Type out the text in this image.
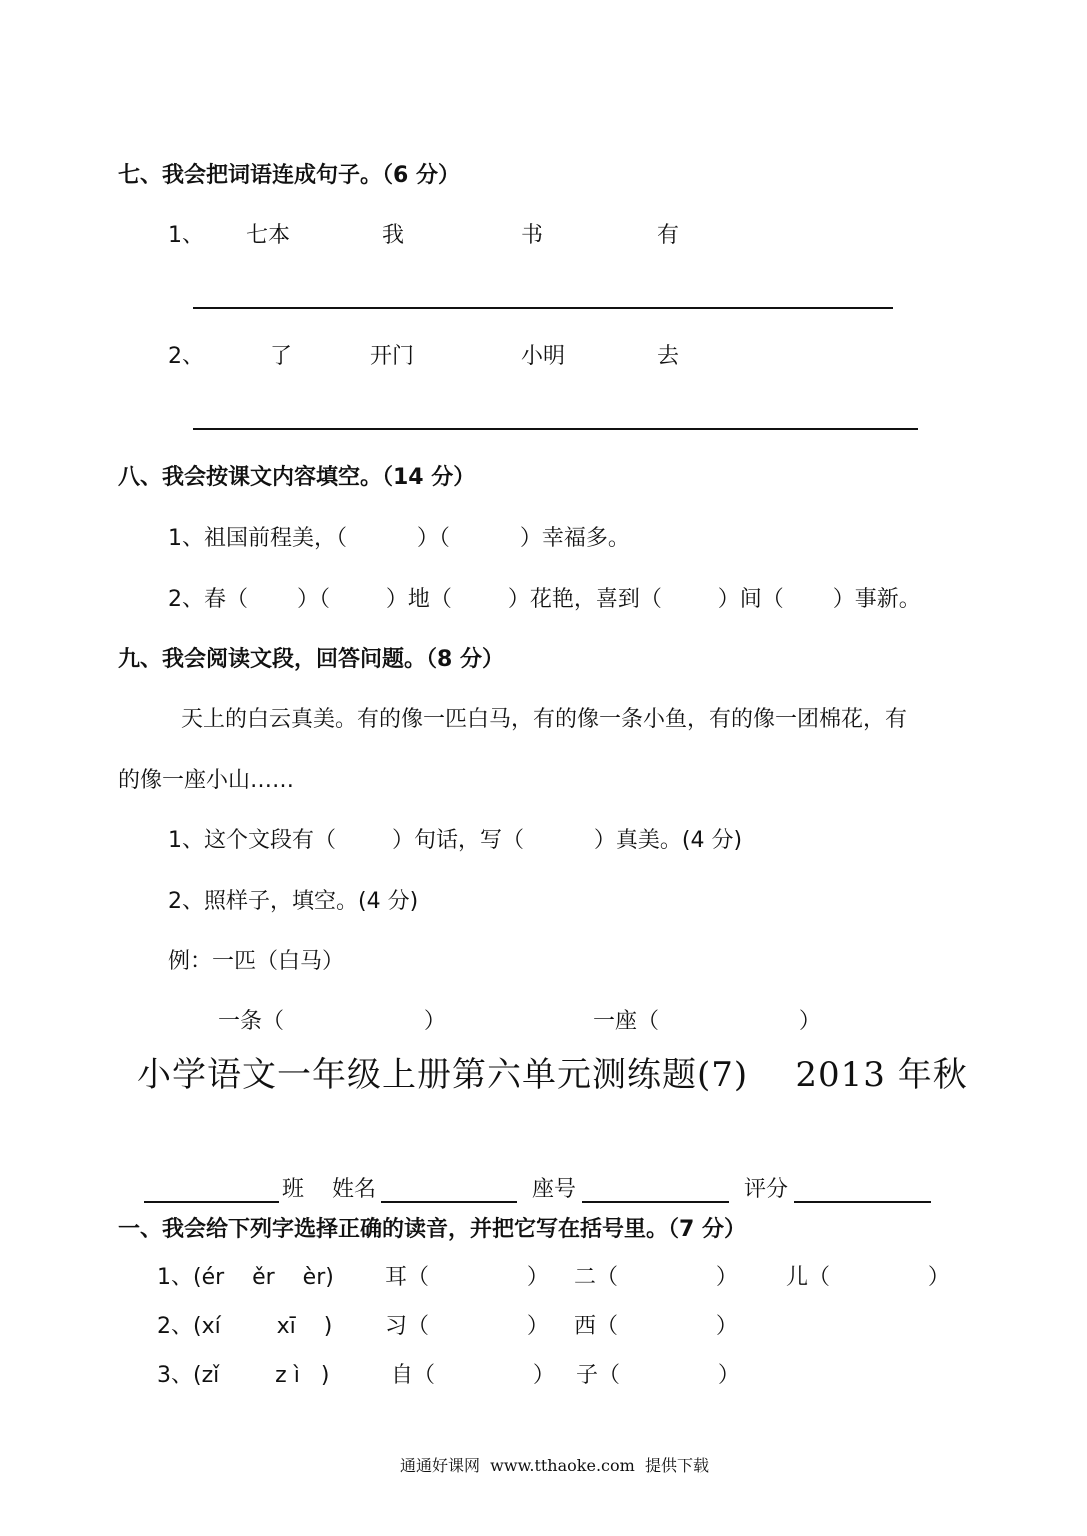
七、我会把词语连成句子。（6 分）
1、 七本	我	书	有
2、	了	开门	小明	去
八、我会按课文内容填空。（14 分）
1、祖国前程美，（          ）（          ）幸福多。
2、春（       ）（        ）地（        ）花艳，喜到（        ）间（       ）事新。
九、我会阅读文段，回答问题。（8 分）
天上的白云真美。有的像一匹白马，有的像一条小鱼，有的像一团棉花，有
的像一座小山……
1、这个文段有（        ）句话，写（          ）真美。(4 分)
2、照样子，填空。(4 分)
例：一匹（白马）
一条（                    ）	一座（                    ）
小学语文一年级上册第六单元测练题(7)    2013 年秋
班 姓名	座号	评分
一、我会给下列字选择正确的读音，并把它写在括号里。（7 分）
1、(ér    ěr    èr) 耳（              ） 二（              ） 儿（              ）
2、(xí        xī    ) 习（              ） 西（              ）
3、(zǐ        z ì   )	自（              ） 子（              ）
通通好课网  www.tthaoke.com  提供下载
